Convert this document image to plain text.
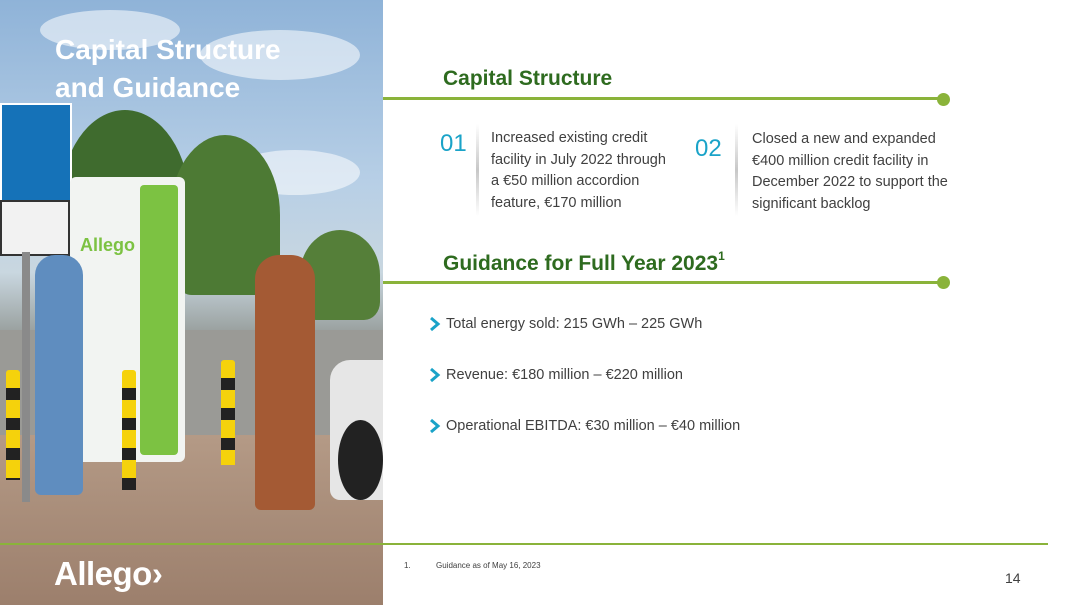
Allego
Capital Structure
and Guidance
Allego›
Capital Structure
01 Increased existing credit
facility in July 2022 through
a €50 million accordion
feature, €170 million
02 Closed a new and expanded
€400 million credit facility in
December 2022 to support the
significant backlog
Guidance for Full Year 2023$^1$
Total energy sold: 215 GWh – 225 GWh
Revenue: €180 million – €220 million
Operational EBITDA: €30 million – €40 million
1.	Guidance as of May 16, 2023
14
